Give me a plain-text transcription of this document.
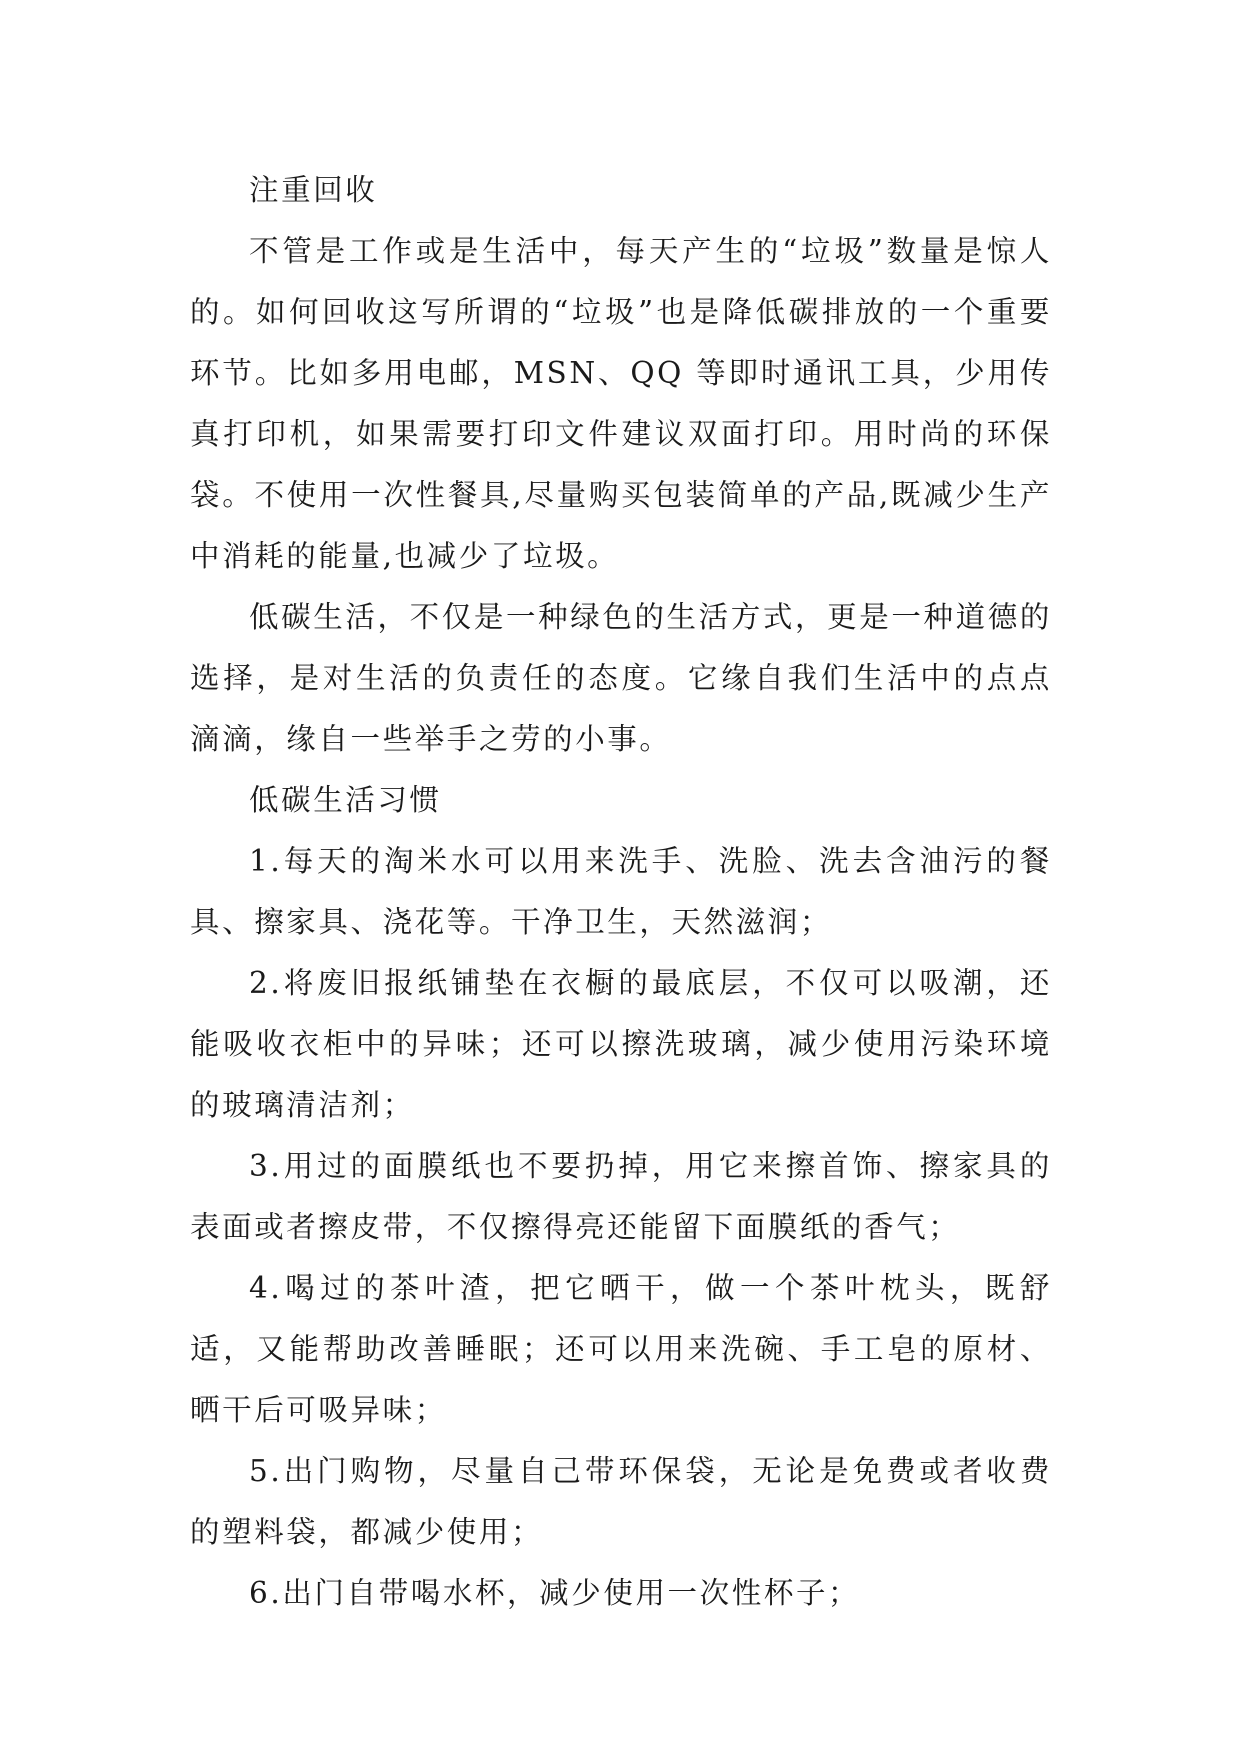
注重回收

不管是工作或是生活中，每天产生的“垃圾”数量是惊人的。如何回收这写所谓的“垃圾”也是降低碳排放的一个重要环节。比如多用电邮，MSN、QQ 等即时通讯工具，少用传真打印机，如果需要打印文件建议双面打印。用时尚的环保袋。不使用一次性餐具,尽量购买包装简单的产品,既减少生产中消耗的能量,也减少了垃圾。

低碳生活，不仅是一种绿色的生活方式，更是一种道德的选择，是对生活的负责任的态度。它缘自我们生活中的点点滴滴，缘自一些举手之劳的小事。

低碳生活习惯

1.每天的淘米水可以用来洗手、洗脸、洗去含油污的餐具、擦家具、浇花等。干净卫生，天然滋润；

2.将废旧报纸铺垫在衣橱的最底层，不仅可以吸潮，还能吸收衣柜中的异味；还可以擦洗玻璃，减少使用污染环境的玻璃清洁剂；

3.用过的面膜纸也不要扔掉，用它来擦首饰、擦家具的表面或者擦皮带，不仅擦得亮还能留下面膜纸的香气；

4.喝过的茶叶渣，把它晒干，做一个茶叶枕头，既舒适，又能帮助改善睡眠；还可以用来洗碗、手工皂的原材、晒干后可吸异味；

5.出门购物，尽量自己带环保袋，无论是免费或者收费的塑料袋，都减少使用；

6.出门自带喝水杯，减少使用一次性杯子；
